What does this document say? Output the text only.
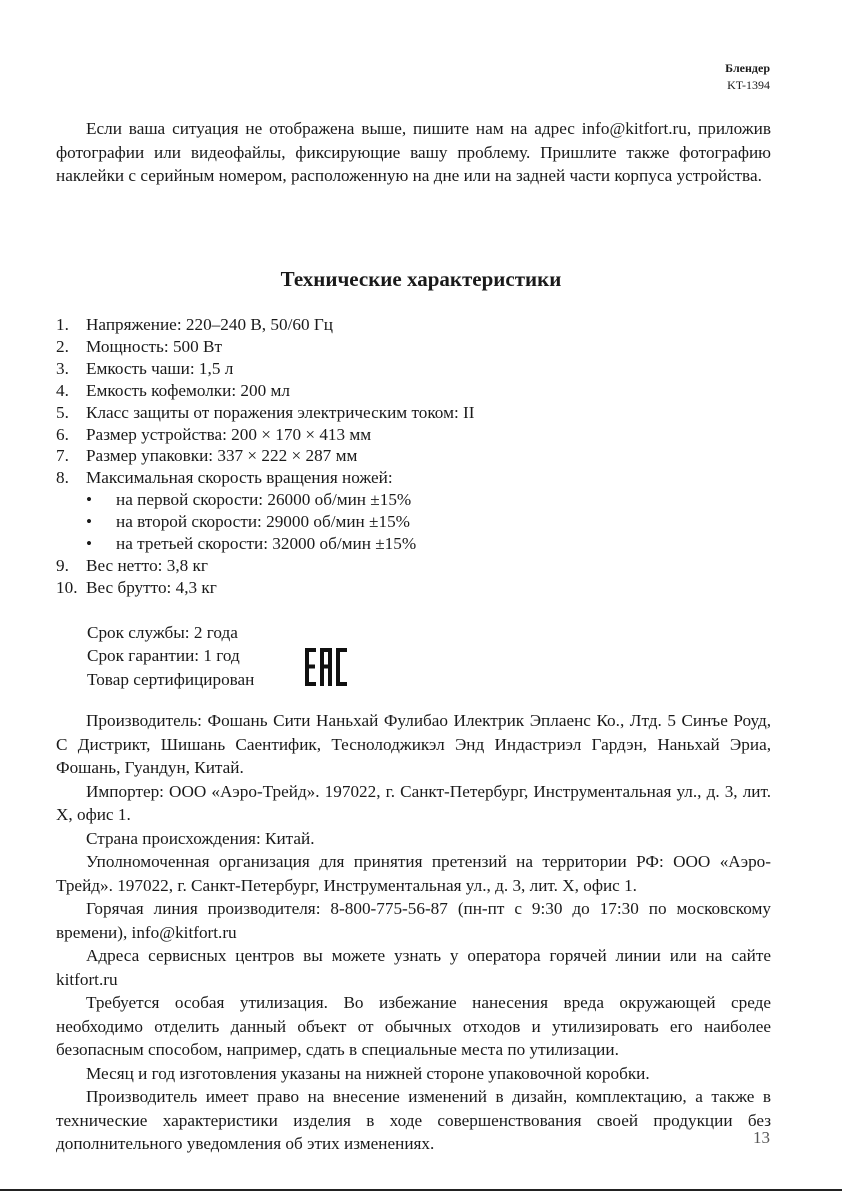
Блендер
KT-1394

Если ваша ситуация не отображена выше, пишите нам на адрес info@kitfort.ru, приложив фотографии или видеофайлы, фиксирующие вашу проблему. Пришлите также фотографию наклейки с серийным номером, расположенную на дне или на задней части корпуса устройства.

Технические характеристики
1. Напряжение: 220–240 В, 50/60 Гц
2. Мощность: 500 Вт
3. Емкость чаши: 1,5 л
4. Емкость кофемолки: 200 мл
5. Класс защиты от поражения электрическим током: II
6. Размер устройства: 200 × 170 × 413 мм
7. Размер упаковки: 337 × 222 × 287 мм
8. Максимальная скорость вращения ножей:
•	на первой скорости: 26000 об/мин ±15%
•	на второй скорости: 29000 об/мин ±15%
•	на третьей скорости: 32000 об/мин ±15%
9. Вес нетто: 3,8 кг
10. Вес брутто: 4,3 кг
Срок службы: 2 года
Срок гарантии: 1 год
Товар сертифицирован

Производитель: Фошань Сити Наньхай Фулибао Илектрик Эплаенс Ко., Лтд. 5 Синъе Роуд, С Дистрикт, Шишань Саентифик, Теснолоджикэл Энд Индастриэл Гардэн, Наньхай Эриа, Фошань, Гуандун, Китай.

Импортер: ООО «Аэро-Трейд». 197022, г. Санкт-Петербург, Инструментальная ул., д. 3, лит. Х, офис 1.

Страна происхождения: Китай.

Уполномоченная организация для принятия претензий на территории РФ: ООО «Аэро-Трейд». 197022, г. Санкт-Петербург, Инструментальная ул., д. 3, лит. Х, офис 1.

Горячая линия производителя: 8-800-775-56-87 (пн-пт с 9:30 до 17:30 по московскому времени), info@kitfort.ru

Адреса сервисных центров вы можете узнать у оператора горячей линии или на сайте kitfort.ru

Требуется особая утилизация. Во избежание нанесения вреда окружающей среде необходимо отделить данный объект от обычных отходов и утилизировать его наиболее безопасным способом, например, сдать в специальные места по утилизации.

Месяц и год изготовления указаны на нижней стороне упаковочной коробки.

Производитель имеет право на внесение изменений в дизайн, комплектацию, а также в технические характеристики изделия в ходе совершенствования своей продукции без дополнительного уведомления об этих изменениях.	13
